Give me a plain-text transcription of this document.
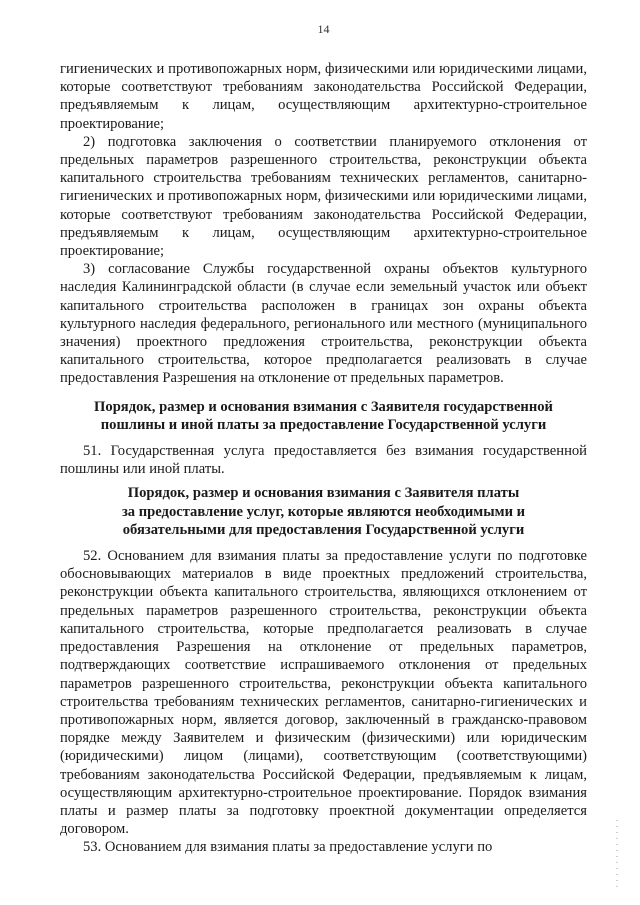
14

гигиенических и противопожарных норм, физическими или юридическими лицами, которые соответствуют требованиям законодательства Российской Федерации, предъявляемым к лицам, осуществляющим архитектурно-строительное проектирование;

2) подготовка заключения о соответствии планируемого отклонения от предельных параметров разрешенного строительства, реконструкции объекта капитального строительства требованиям технических регламентов, санитарно-гигиенических и противопожарных норм, физическими или юридическими лицами, которые соответствуют требованиям законодательства Российской Федерации, предъявляемым к лицам, осуществляющим архитектурно-строительное проектирование;

3) согласование Службы государственной охраны объектов культурного наследия Калининградской области (в случае если земельный участок или объект капитального строительства расположен в границах зон охраны объекта культурного наследия федерального, регионального или местного (муниципального значения) проектного предложения строительства, реконструкции объекта капитального строительства, которое предполагается реализовать в случае предоставления Разрешения на отклонение от предельных параметров.

Порядок, размер и основания взимания с Заявителя государственной
пошлины и иной платы за предоставление Государственной услуги

51. Государственная услуга предоставляется без взимания государственной пошлины или иной платы.

Порядок, размер и основания взимания с Заявителя платы
за предоставление услуг, которые являются необходимыми и
обязательными для предоставления Государственной услуги

52. Основанием для взимания платы за предоставление услуги по подготовке обосновывающих материалов в виде проектных предложений строительства, реконструкции объекта капитального строительства, являющихся отклонением от предельных параметров разрешенного строительства, реконструкции объекта капитального строительства, которые предполагается реализовать в случае предоставления Разрешения на отклонение от предельных параметров, подтверждающих соответствие испрашиваемого отклонения от предельных параметров разрешенного строительства, реконструкции объекта капитального строительства требованиям технических регламентов, санитарно-гигиенических и противопожарных норм, является договор, заключенный в гражданско-правовом порядке между Заявителем и физическим (физическими) или юридическим (юридическими) лицом (лицами), соответствующим (соответствующими) требованиям законодательства Российской Федерации, предъявляемым к лицам, осуществляющим архитектурно-строительное проектирование. Порядок взимания платы и размер платы за подготовку проектной документации определяется договором.

53. Основанием для взимания платы за предоставление услуги по
